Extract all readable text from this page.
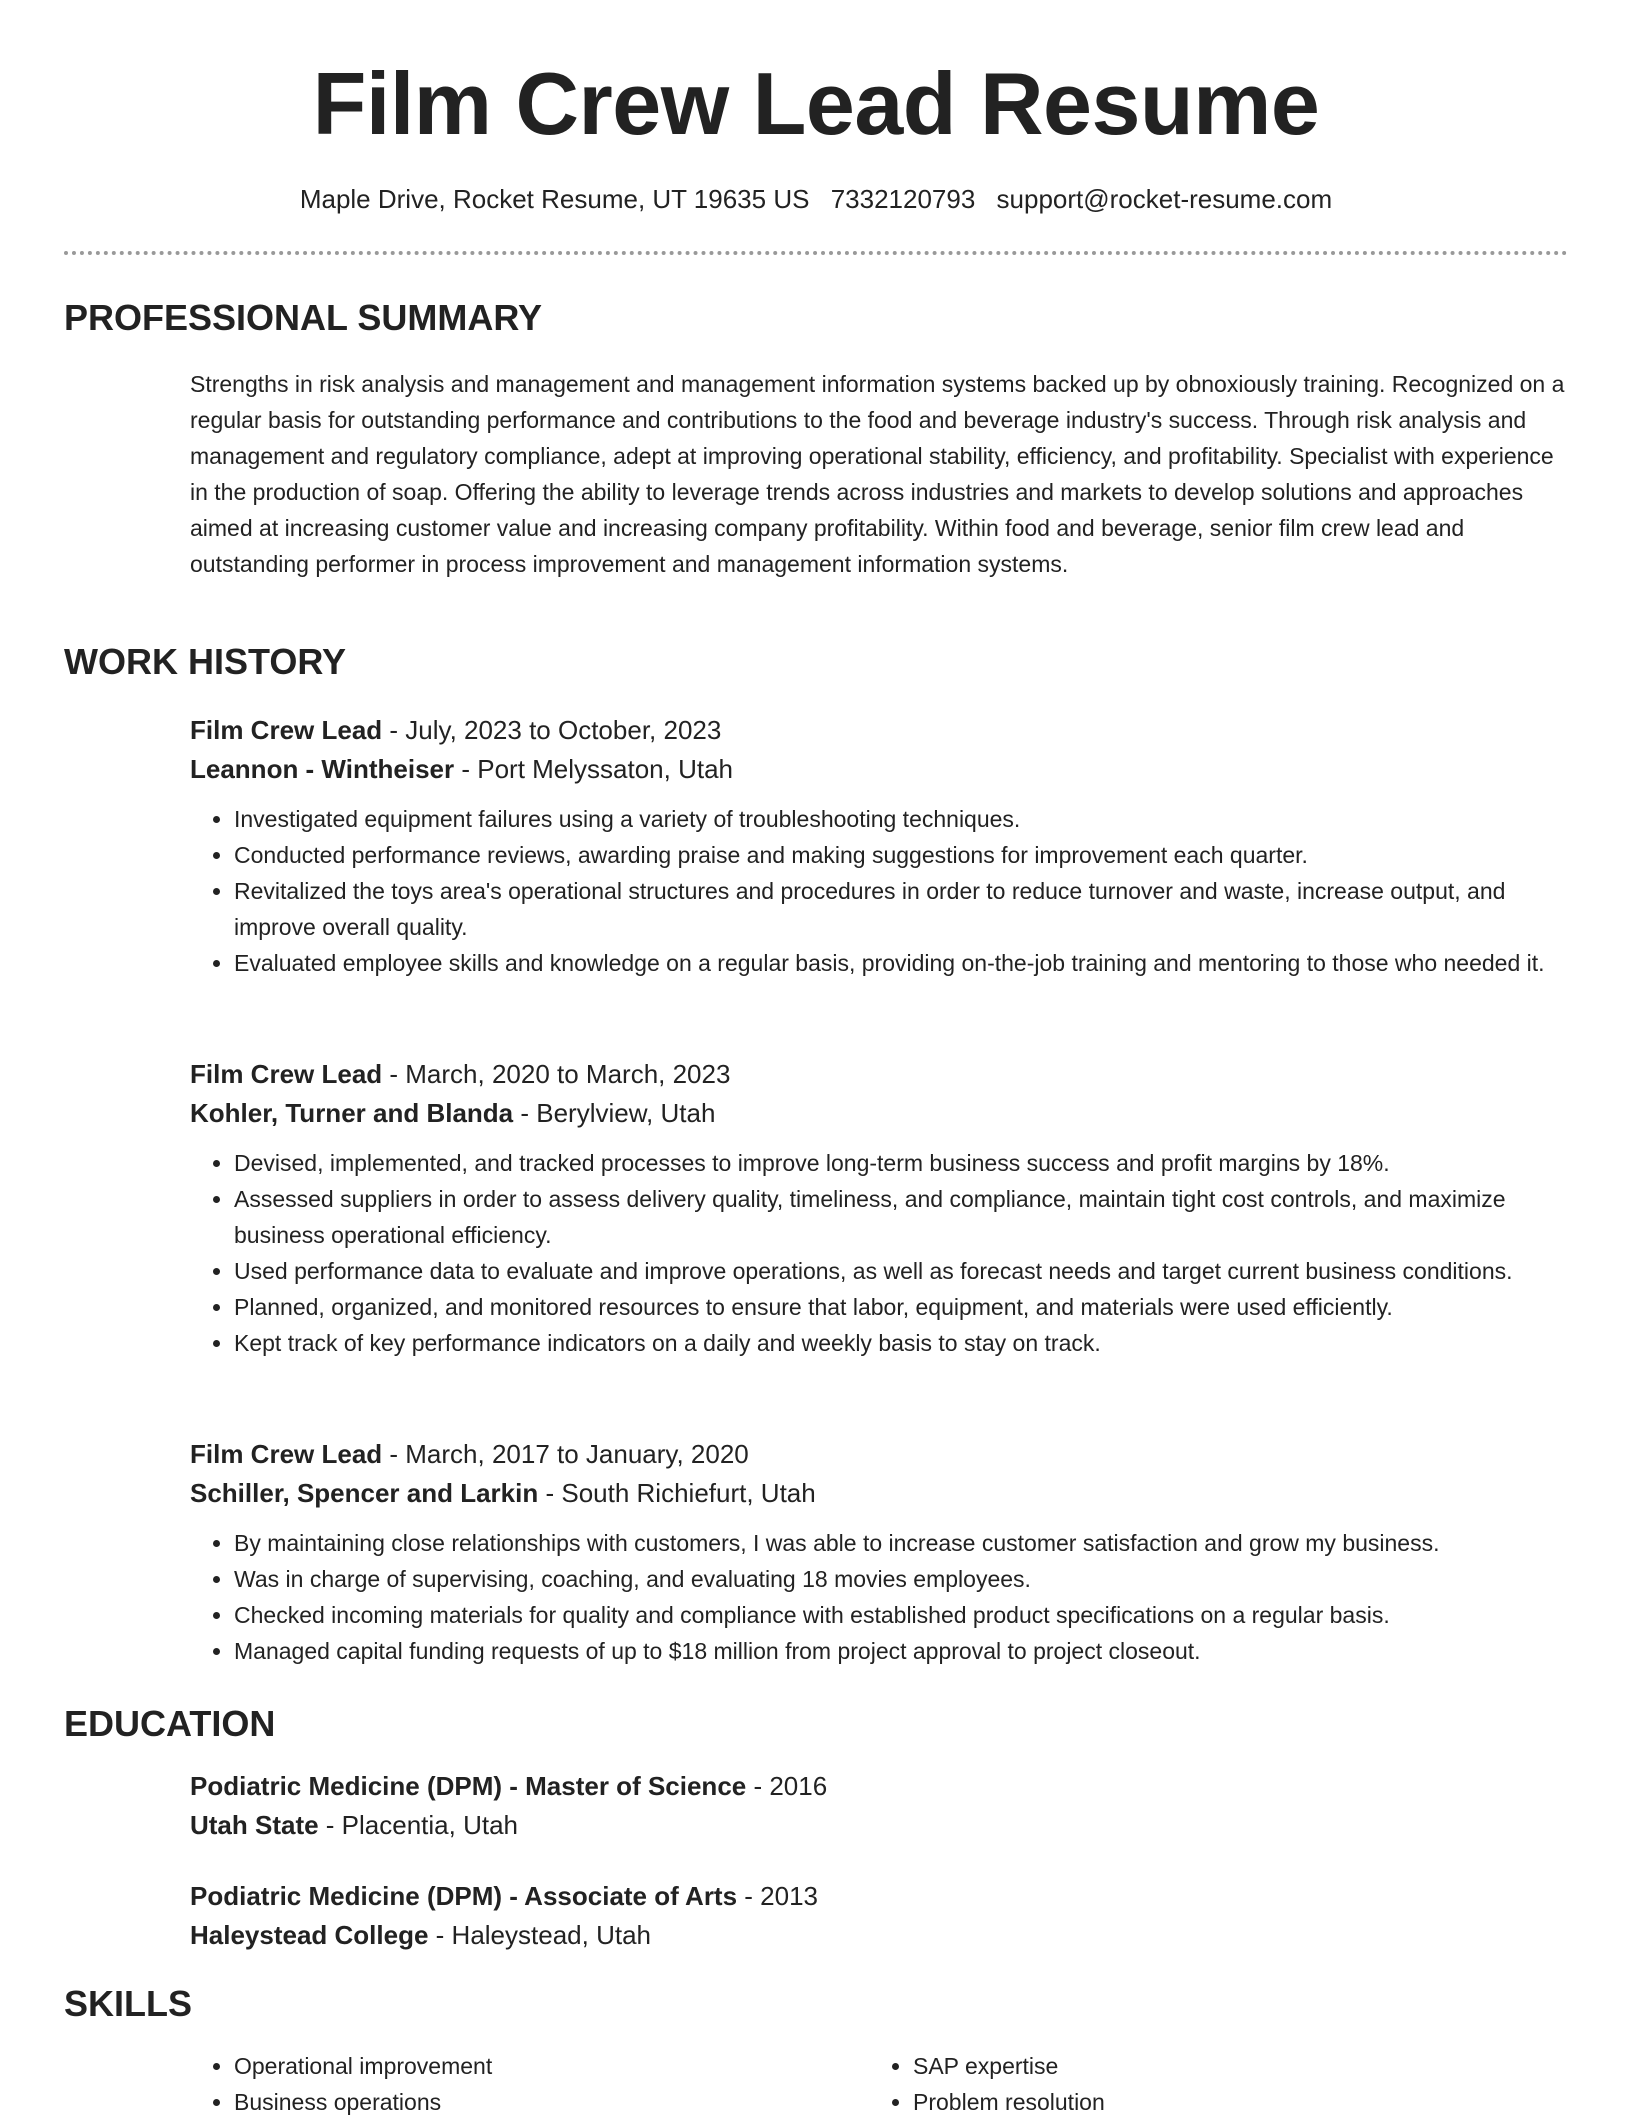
Film Crew Lead Resume
Maple Drive, Rocket Resume, UT 19635 US 7332120793 support@rocket-resume.com
PROFESSIONAL SUMMARY
Strengths in risk analysis and management and management information systems backed up by obnoxiously training. Recognized on a regular basis for outstanding performance and contributions to the food and beverage industry's success. Through risk analysis and management and regulatory compliance, adept at improving operational stability, efficiency, and profitability. Specialist with experience in the production of soap. Offering the ability to leverage trends across industries and markets to develop solutions and approaches aimed at increasing customer value and increasing company profitability. Within food and beverage, senior film crew lead and outstanding performer in process improvement and management information systems.
WORK HISTORY
Film Crew Lead - July, 2023 to October, 2023
Leannon - Wintheiser - Port Melyssaton, Utah
• Investigated equipment failures using a variety of troubleshooting techniques.
• Conducted performance reviews, awarding praise and making suggestions for improvement each quarter.
• Revitalized the toys area's operational structures and procedures in order to reduce turnover and waste, increase output, and improve overall quality.
• Evaluated employee skills and knowledge on a regular basis, providing on-the-job training and mentoring to those who needed it.
Film Crew Lead - March, 2020 to March, 2023
Kohler, Turner and Blanda - Berylview, Utah
• Devised, implemented, and tracked processes to improve long-term business success and profit margins by 18%.
• Assessed suppliers in order to assess delivery quality, timeliness, and compliance, maintain tight cost controls, and maximize business operational efficiency.
• Used performance data to evaluate and improve operations, as well as forecast needs and target current business conditions.
• Planned, organized, and monitored resources to ensure that labor, equipment, and materials were used efficiently.
• Kept track of key performance indicators on a daily and weekly basis to stay on track.
Film Crew Lead - March, 2017 to January, 2020
Schiller, Spencer and Larkin - South Richiefurt, Utah
• By maintaining close relationships with customers, I was able to increase customer satisfaction and grow my business.
• Was in charge of supervising, coaching, and evaluating 18 movies employees.
• Checked incoming materials for quality and compliance with established product specifications on a regular basis.
• Managed capital funding requests of up to $18 million from project approval to project closeout.
EDUCATION
Podiatric Medicine (DPM) - Master of Science - 2016
Utah State - Placentia, Utah
Podiatric Medicine (DPM) - Associate of Arts - 2013
Haleystead College - Haleystead, Utah
SKILLS
• Operational improvement
• Business operations
• SAP expertise
• Problem resolution
